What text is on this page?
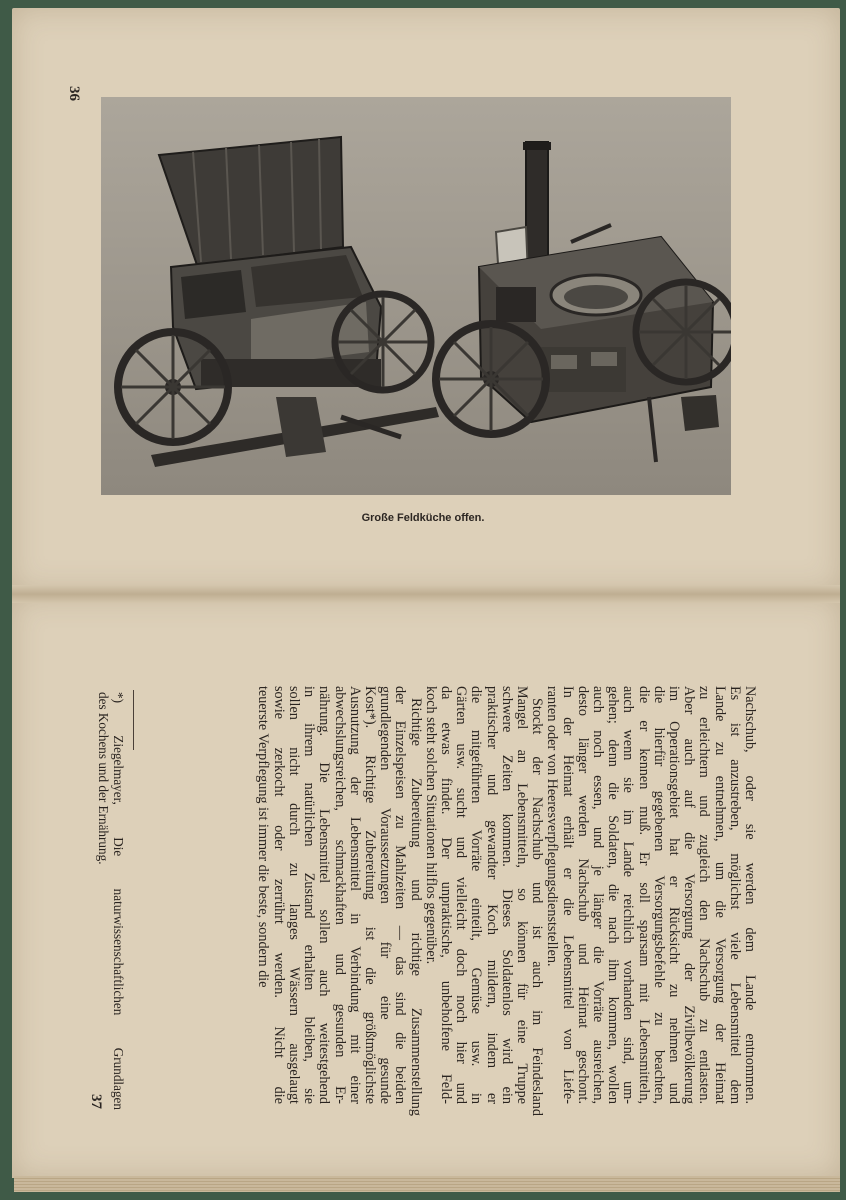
36
Große Feldküche offen.
Nachschub, oder sie werden dem Lande entnommen.
Es ist anzustreben, möglichst viele Lebensmittel dem
Lande zu entnehmen, um die Versorgung der Heimat
zu erleichtern und zugleich den Nachschub zu entlasten.
Aber auch auf die Versorgung der Zivilbevölkerung
im Operationsgebiet hat er Rücksicht zu nehmen und
die hierfür gegebenen Versorgungsbefehle zu beachten,
die er kennen muß. Er soll sparsam mit Lebensmitteln,
auch wenn sie im Lande reichlich vorhanden sind, um-
gehen; denn die Soldaten, die nach ihm kommen, wollen
auch noch essen, und je länger die Vorräte ausreichen,
desto länger werden Nachschub und Heimat geschont.
In der Heimat erhält er die Lebensmittel von Liefe-
ranten oder von Heeresverpflegungsdienststellen.
Stockt der Nachschub und ist auch im Feindesland
Mangel an Lebensmitteln, so können für eine Truppe
schwere Zeiten kommen. Dieses Soldatenlos wird ein
praktischer und gewandter Koch mildern, indem er
die mitgeführten Vorräte einteilt, Gemüse usw. in
Gärten usw. sucht und vielleicht doch noch hier und
da etwas findet. Der unpraktische, unbeholfene Feld-
koch steht solchen Situationen hilflos gegenüber.
Richtige Zubereitung und richtige Zusammenstellung
der Einzelspeisen zu Mahlzeiten — das sind die beiden
grundlegenden Voraussetzungen für eine gesunde
Kost*). Richtige Zubereitung ist die größtmöglichste
Ausnutzung der Lebensmittel in Verbindung mit einer
abwechslungsreichen, schmackhaften und gesunden Er-
nährung. Die Lebensmittel sollen auch weitestgehend
in ihrem natürlichen Zustand erhalten bleiben, sie
sollen nicht durch zu langes Wässern ausgelaugt
sowie zerkocht oder zerrührt werden. Nicht die
teuerste Verpflegung ist immer die beste, sondern die
*) Ziegelmayer, Die naturwissenschaftlichen Grundlagen
des Kochens und der Ernährung.
37
